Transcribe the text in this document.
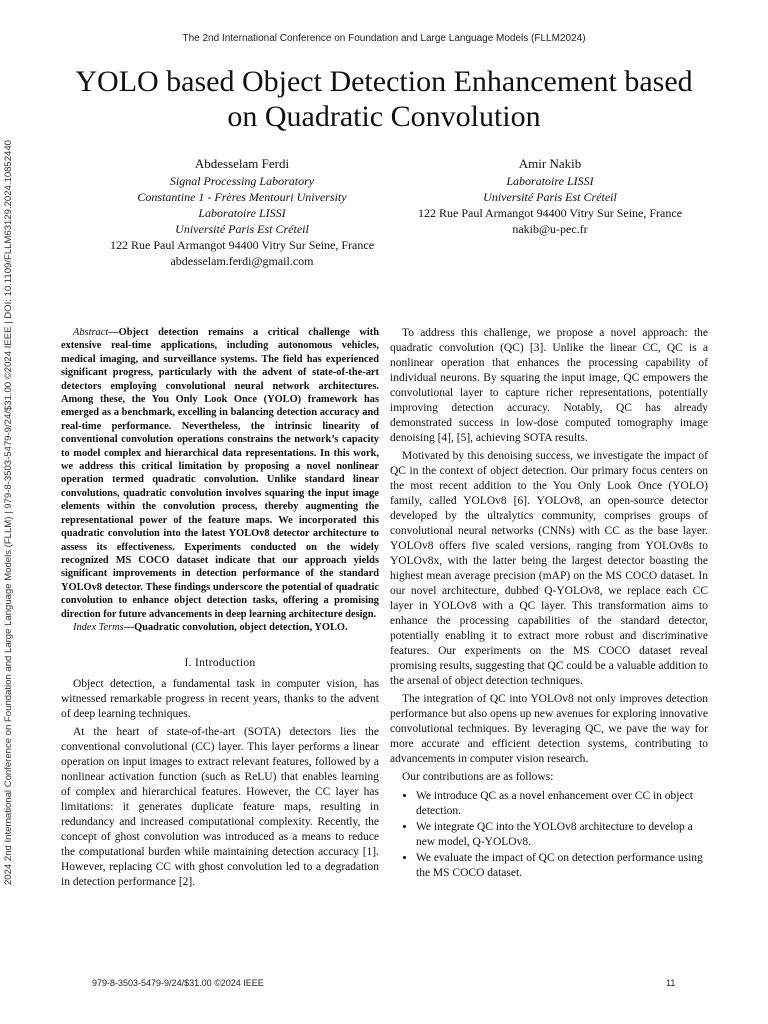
The 2nd International Conference on Foundation and Large Language Models (FLLM2024)
2024 2nd International Conference on Foundation and Large Language Models (FLLM) | 979-8-3503-5479-9/24/$31.00 ©2024 IEEE | DOI: 10.1109/FLLM63129.2024.10852440
YOLO based Object Detection Enhancement based
on Quadratic Convolution
Abdesselam Ferdi
Signal Processing Laboratory
Constantine 1 - Frères Mentouri University
Laboratoire LISSI
Université Paris Est Créteil
122 Rue Paul Armangot 94400 Vitry Sur Seine, France
abdesselam.ferdi@gmail.com
Amir Nakib
Laboratoire LISSI
Université Paris Est Créteil
122 Rue Paul Armangot 94400 Vitry Sur Seine, France
nakib@u-pec.fr

Abstract—Object detection remains a critical challenge with extensive real-time applications, including autonomous vehicles, medical imaging, and surveillance systems. The field has experienced significant progress, particularly with the advent of state-of-the-art detectors employing convolutional neural network architectures. Among these, the You Only Look Once (YOLO) framework has emerged as a benchmark, excelling in balancing detection accuracy and real-time performance. Nevertheless, the intrinsic linearity of conventional convolution operations constrains the network’s capacity to model complex and hierarchical data representations. In this work, we address this critical limitation by proposing a novel nonlinear operation termed quadratic convolution. Unlike standard linear convolutions, quadratic convolution involves squaring the input image elements within the convolution process, thereby augmenting the representational power of the feature maps. We incorporated this quadratic convolution into the latest YOLOv8 detector architecture to assess its effectiveness. Experiments conducted on the widely recognized MS COCO dataset indicate that our approach yields significant improvements in detection performance of the standard YOLOv8 detector. These findings underscore the potential of quadratic convolution to enhance object detection tasks, offering a promising direction for future advancements in deep learning architecture design.

Index Terms—Quadratic convolution, object detection, YOLO.

I. Introduction

Object detection, a fundamental task in computer vision, has witnessed remarkable progress in recent years, thanks to the advent of deep learning techniques.

At the heart of state-of-the-art (SOTA) detectors lies the conventional convolutional (CC) layer. This layer performs a linear operation on input images to extract relevant features, followed by a nonlinear activation function (such as ReLU) that enables learning of complex and hierarchical features. However, the CC layer has limitations: it generates duplicate feature maps, resulting in redundancy and increased computational complexity. Recently, the concept of ghost convolution was introduced as a means to reduce the computational burden while maintaining detection accuracy [1]. However, replacing CC with ghost convolution led to a degradation in detection performance [2].

To address this challenge, we propose a novel approach: the quadratic convolution (QC) [3]. Unlike the linear CC, QC is a nonlinear operation that enhances the processing capability of individual neurons. By squaring the input image, QC empowers the convolutional layer to capture richer representations, potentially improving detection accuracy. Notably, QC has already demonstrated success in low-dose computed tomography image denoising [4], [5], achieving SOTA results.

Motivated by this denoising success, we investigate the impact of QC in the context of object detection. Our primary focus centers on the most recent addition to the You Only Look Once (YOLO) family, called YOLOv8 [6]. YOLOv8, an open-source detector developed by the ultralytics community, comprises groups of convolutional neural networks (CNNs) with CC as the base layer. YOLOv8 offers five scaled versions, ranging from YOLOv8s to YOLOv8x, with the latter being the largest detector boasting the highest mean average precision (mAP) on the MS COCO dataset. In our novel architecture, dubbed Q-YOLOv8, we replace each CC layer in YOLOv8 with a QC layer. This transformation aims to enhance the processing capabilities of the standard detector, potentially enabling it to extract more robust and discriminative features. Our experiments on the MS COCO dataset reveal promising results, suggesting that QC could be a valuable addition to the arsenal of object detection techniques.

The integration of QC into YOLOv8 not only improves detection performance but also opens up new avenues for exploring innovative convolutional techniques. By leveraging QC, we pave the way for more accurate and efficient detection systems, contributing to advancements in computer vision research.

Our contributions are as follows:

• We introduce QC as a novel enhancement over CC in object detection.
• We integrate QC into the YOLOv8 architecture to develop a new model, Q-YOLOv8.
• We evaluate the impact of QC on detection performance using the MS COCO dataset.
979-8-3503-5479-9/24/$31.00 ©2024 IEEE	11
